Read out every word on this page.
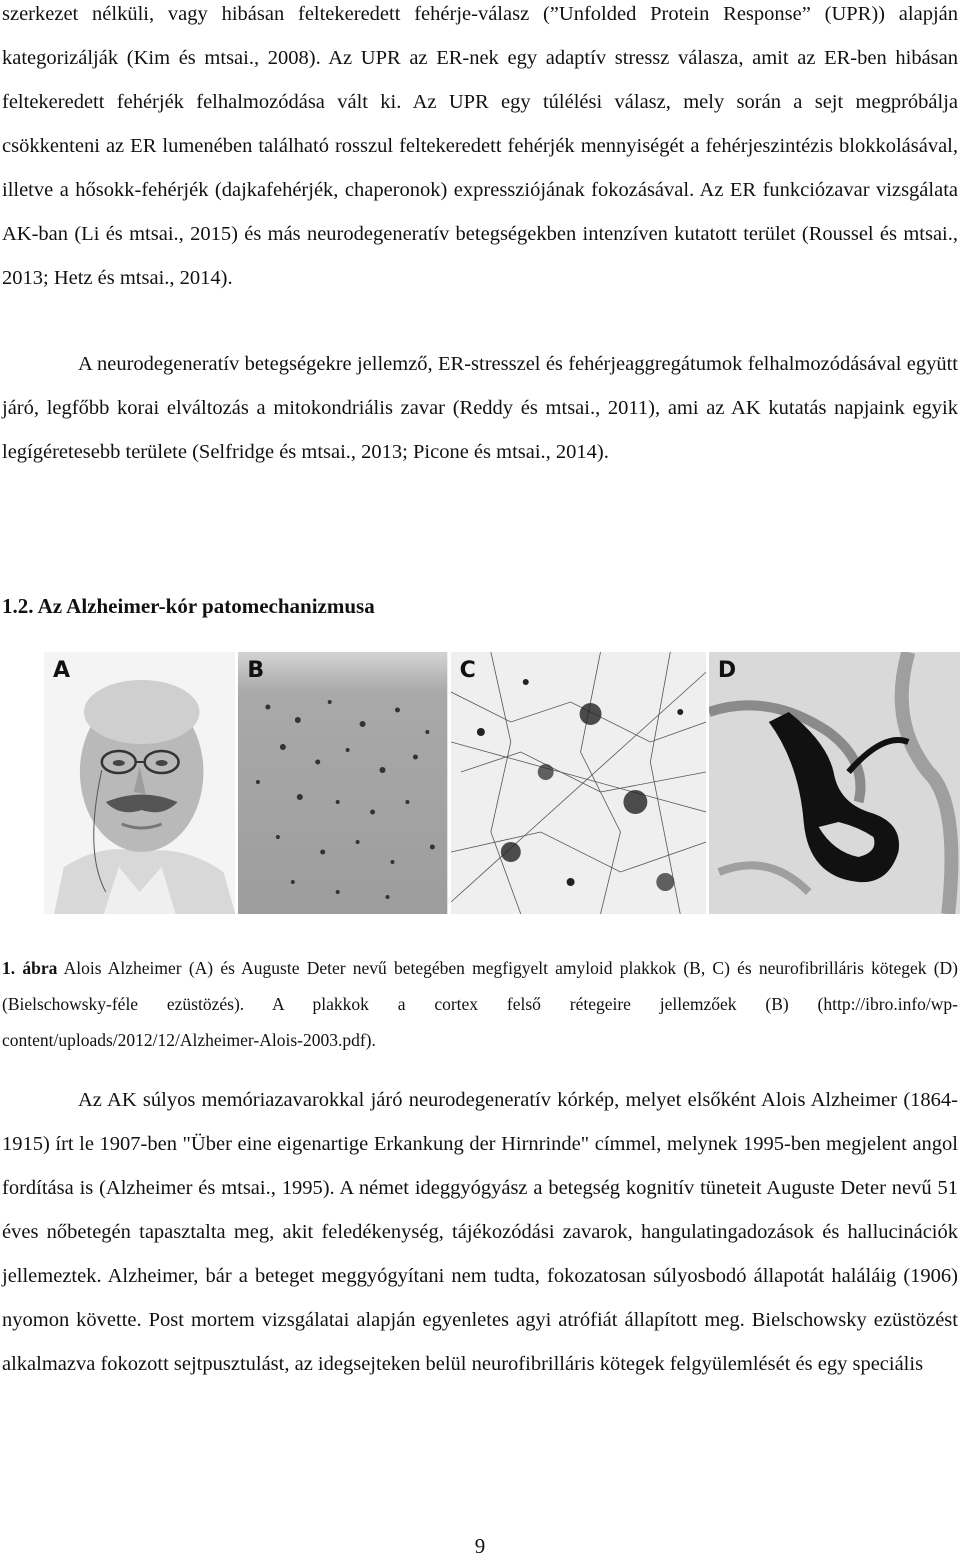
szerkezet nélküli, vagy hibásan feltekeredett fehérje-válasz (”Unfolded Protein Response” (UPR)) alapján kategorizálják (Kim és mtsai., 2008). Az UPR az ER-nek egy adaptív stressz válasza, amit az ER-ben hibásan feltekeredett fehérjék felhalmozódása vált ki. Az UPR egy túlélési válasz, mely során a sejt megpróbálja csökkenteni az ER lumenében található rosszul feltekeredett fehérjék mennyiségét a fehérjeszintézis blokkolásával, illetve a hősokk-fehérjék (dajkafehérjék, chaperonok) expressziójának fokozásával. Az ER funkciózavar vizsgálata AK-ban (Li és mtsai., 2015) és más neurodegeneratív betegségekben intenzíven kutatott terület (Roussel és mtsai., 2013; Hetz és mtsai., 2014).

A neurodegeneratív betegségekre jellemző, ER-stresszel és fehérjeaggregátumok felhalmozódásával együtt járó, legfőbb korai elváltozás a mitokondriális zavar (Reddy és mtsai., 2011), ami az AK kutatás napjaink egyik legígéretesebb területe (Selfridge és mtsai., 2013; Picone és mtsai., 2014).

1.2. Az Alzheimer-kór patomechanizmusa
A	B	C	D

1. ábra Alois Alzheimer (A) és Auguste Deter nevű betegében megfigyelt amyloid plakkok (B, C) és neurofibrilláris kötegek (D) (Bielschowsky-féle ezüstözés). A plakkok a cortex felső rétegeire jellemzőek (B) (http://ibro.info/wp-content/uploads/2012/12/Alzheimer-Alois-2003.pdf).

Az AK súlyos memóriazavarokkal járó neurodegeneratív kórkép, melyet elsőként Alois Alzheimer (1864-1915) írt le 1907-ben "Über eine eigenartige Erkankung der Hirnrinde" címmel, melynek 1995-ben megjelent angol fordítása is (Alzheimer és mtsai., 1995). A német ideggyógyász a betegség kognitív tüneteit Auguste Deter nevű 51 éves nőbetegén tapasztalta meg, akit feledékenység, tájékozódási zavarok, hangulatingadozások és hallucinációk jellemeztek. Alzheimer, bár a beteget meggyógyítani nem tudta, fokozatosan súlyosbodó állapotát haláláig (1906) nyomon követte. Post mortem vizsgálatai alapján egyenletes agyi atrófiát állapított meg. Bielschowsky ezüstözést alkalmazva fokozott sejtpusztulást, az idegsejteken belül neurofibrilláris kötegek felgyülemlését és egy speciális

9
